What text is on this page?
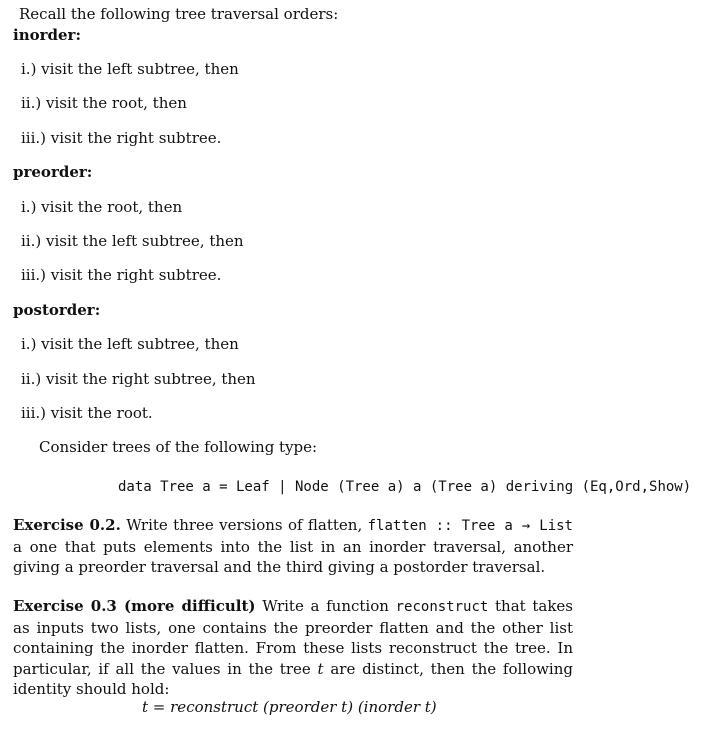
Recall the following tree traversal orders:
inorder:
i.) visit the left subtree, then
ii.) visit the root, then
iii.) visit the right subtree.
preorder:
i.) visit the root, then
ii.) visit the left subtree, then
iii.) visit the right subtree.
postorder:
i.) visit the left subtree, then
ii.) visit the right subtree, then
iii.) visit the root.
Consider trees of the following type:
data Tree a = Leaf | Node (Tree a) a (Tree a) deriving (Eq,Ord,Show)
Exercise 0.2. Write three versions of flatten, flatten :: Tree a → List a one that puts elements into the list in an inorder traversal, another giving a preorder traversal and the third giving a postorder traversal.
Exercise 0.3 (more difficult) Write a function reconstruct that takes as inputs two lists, one contains the preorder flatten and the other list containing the inorder flatten. From these lists reconstruct the tree. In particular, if all the values in the tree t are distinct, then the following identity should hold:
t = reconstruct (preorder t) (inorder t)
